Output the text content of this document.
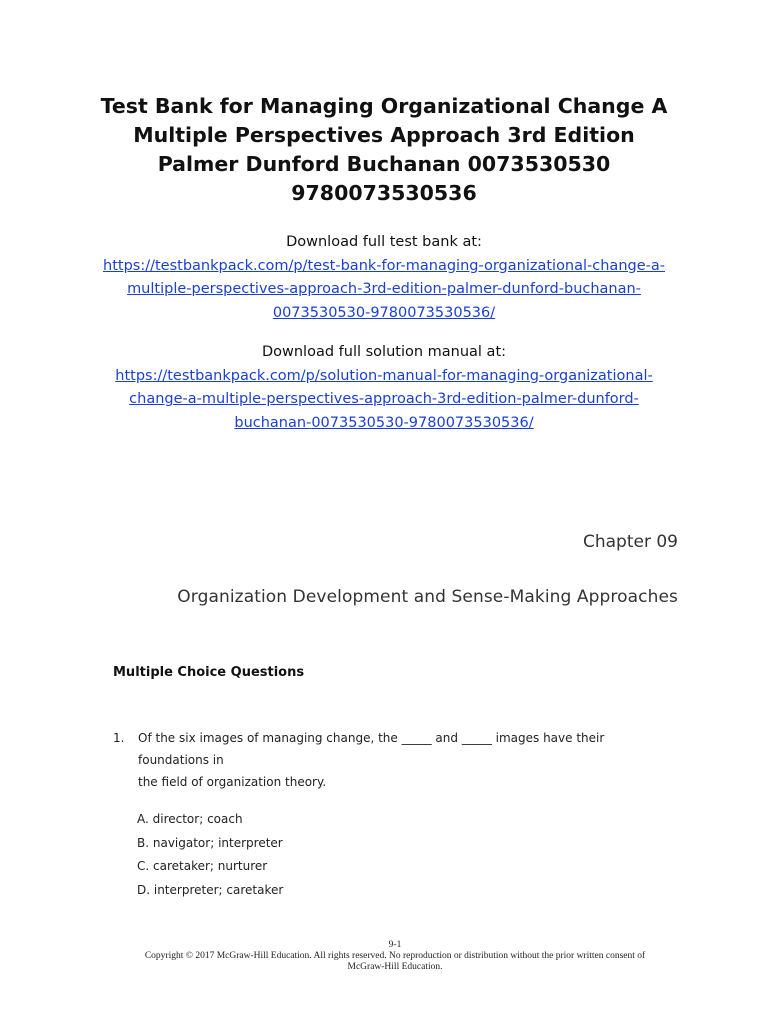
Test Bank for Managing Organizational Change A
Multiple Perspectives Approach 3rd Edition
Palmer Dunford Buchanan 0073530530
9780073530536
Download full test bank at:
https://testbankpack.com/p/test-bank-for-managing-organizational-change-a-
multiple-perspectives-approach-3rd-edition-palmer-dunford-buchanan-
0073530530-9780073530536/
Download full solution manual at:
https://testbankpack.com/p/solution-manual-for-managing-organizational-
change-a-multiple-perspectives-approach-3rd-edition-palmer-dunford-
buchanan-0073530530-9780073530536/
Chapter 09
Organization Development and Sense-Making Approaches
Multiple Choice Questions
1. Of the six images of managing change, the _____ and _____ images have their foundations in
the field of organization theory.
A. director; coach
B. navigator; interpreter
C. caretaker; nurturer
D. interpreter; caretaker
9-1
Copyright © 2017 McGraw-Hill Education. All rights reserved. No reproduction or distribution without the prior written consent of
McGraw-Hill Education.
